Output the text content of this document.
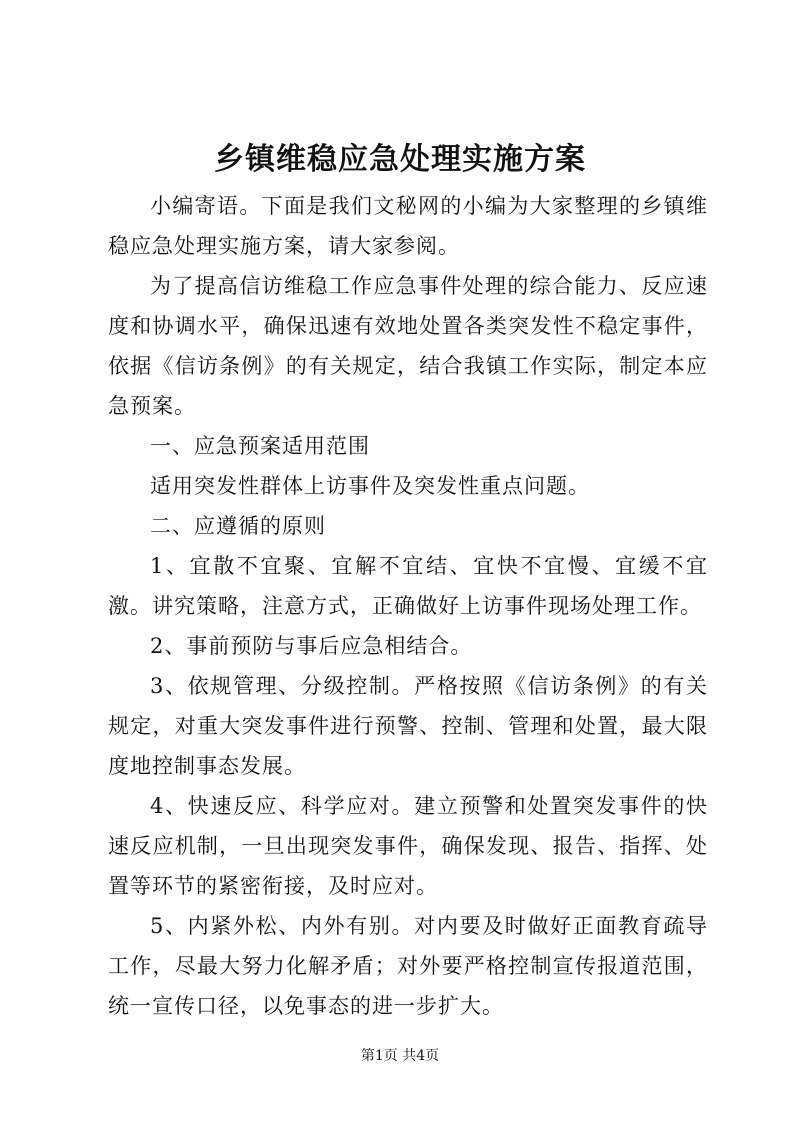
乡镇维稳应急处理实施方案

小编寄语。下面是我们文秘网的小编为大家整理的乡镇维稳应急处理实施方案，请大家参阅。

为了提高信访维稳工作应急事件处理的综合能力、反应速度和协调水平，确保迅速有效地处置各类突发性不稳定事件，依据《信访条例》的有关规定，结合我镇工作实际，制定本应急预案。

一、应急预案适用范围

适用突发性群体上访事件及突发性重点问题。

二、应遵循的原则

1、宜散不宜聚、宜解不宜结、宜快不宜慢、宜缓不宜激。讲究策略，注意方式，正确做好上访事件现场处理工作。

2、事前预防与事后应急相结合。

3、依规管理、分级控制。严格按照《信访条例》的有关规定，对重大突发事件进行预警、控制、管理和处置，最大限度地控制事态发展。

4、快速反应、科学应对。建立预警和处置突发事件的快速反应机制，一旦出现突发事件，确保发现、报告、指挥、处置等环节的紧密衔接，及时应对。

5、内紧外松、内外有别。对内要及时做好正面教育疏导工作，尽最大努力化解矛盾；对外要严格控制宣传报道范围，统一宣传口径，以免事态的进一步扩大。

第1页 共4页
